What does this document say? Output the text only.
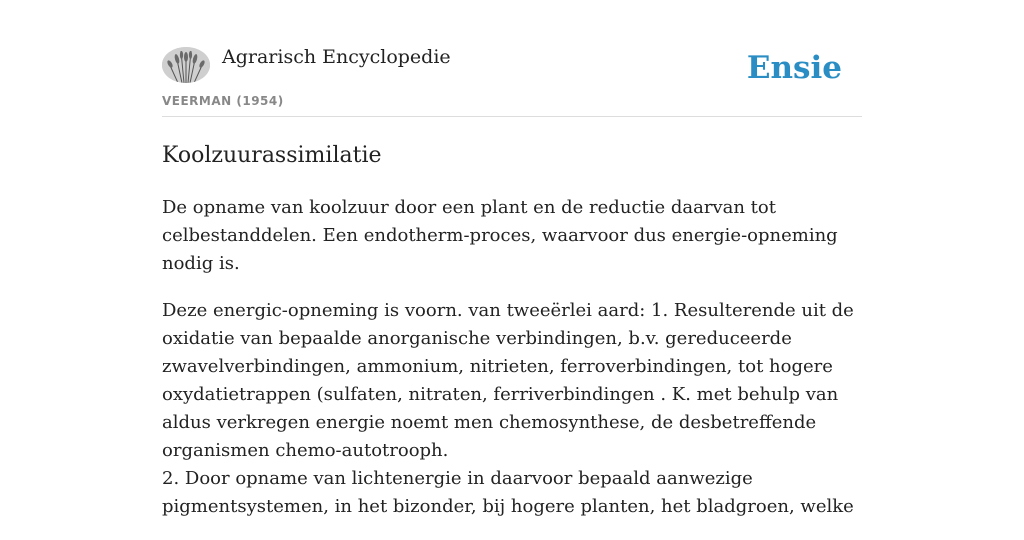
Agrarisch Encyclopedie
VEERMAN (1954)
Ensie
Koolzuurassimilatie

De opname van koolzuur door een plant en de reductie daarvan tot celbestanddelen. Een endotherm-proces, waarvoor dus energie-opneming nodig is.

Deze energic-opneming is voorn. van tweeërlei aard: 1. Resulterende uit de oxidatie van bepaalde anorganische verbindingen, b.v. gereduceerde zwavelverbindingen, ammonium, nitrieten, ferroverbindingen, tot hogere oxydatietrappen (sulfaten, nitraten, ferriverbindingen . K. met behulp van aldus verkregen energie noemt men chemosynthese, de desbetreffende organismen chemo-autotrooph.

2. Door opname van lichtenergie in daarvoor bepaald aanwezige pigmentsystemen, in het bizonder, bij hogere planten, het bladgroen, welke
